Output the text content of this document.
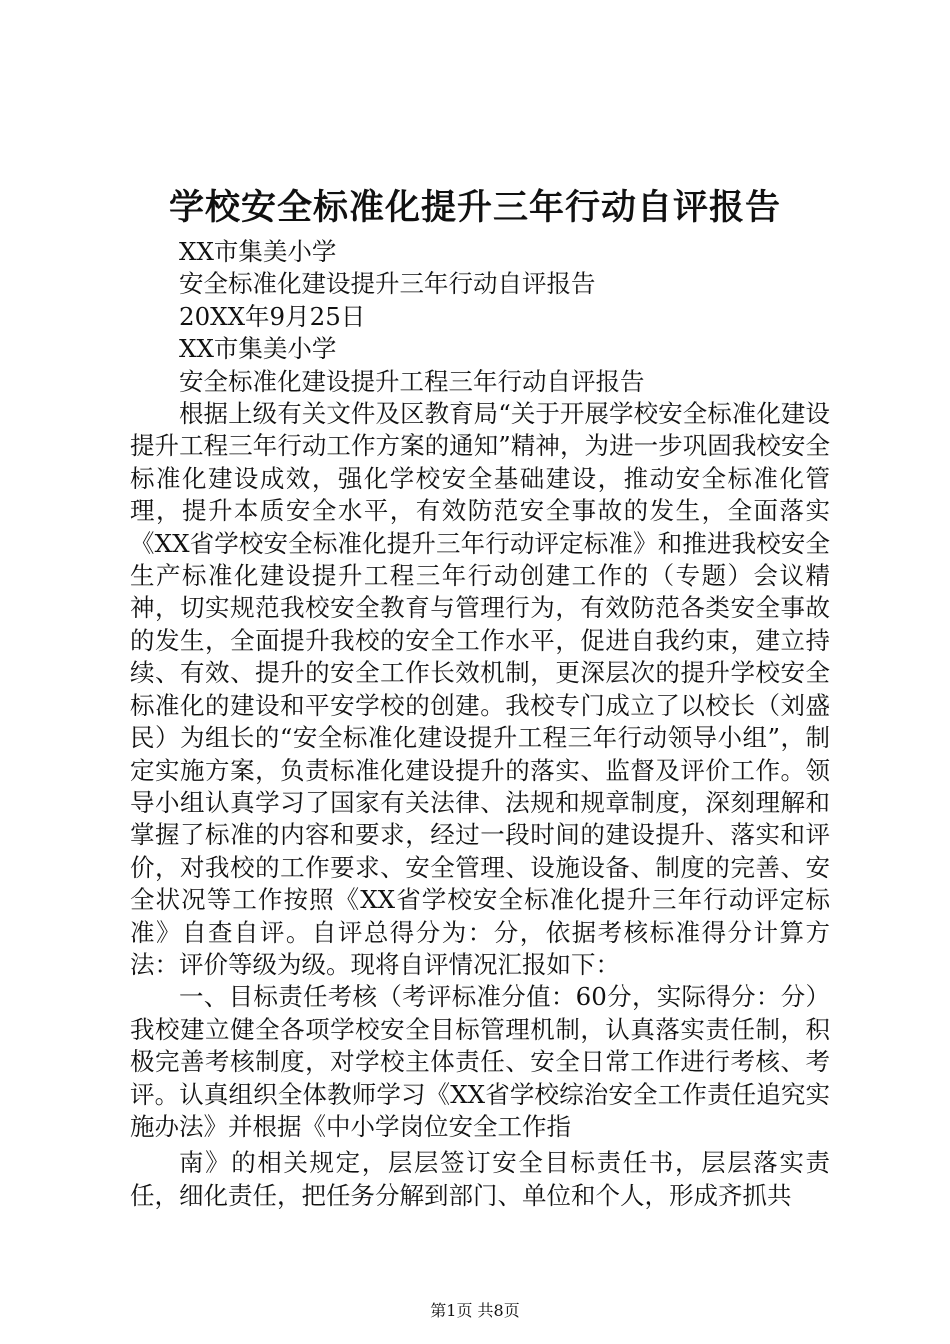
学校安全标准化提升三年行动自评报告

XX市集美小学

安全标准化建设提升三年行动自评报告

20XX年9月25日

XX市集美小学

安全标准化建设提升工程三年行动自评报告

根据上级有关文件及区教育局“关于开展学校安全标准化建设提升工程三年行动工作方案的通知”精神，为进一步巩固我校安全标准化建设成效，强化学校安全基础建设，推动安全标准化管理，提升本质安全水平，有效防范安全事故的发生，全面落实《XX省学校安全标准化提升三年行动评定标准》和推进我校安全生产标准化建设提升工程三年行动创建工作的（专题）会议精神，切实规范我校安全教育与管理行为，有效防范各类安全事故的发生，全面提升我校的安全工作水平，促进自我约束，建立持续、有效、提升的安全工作长效机制，更深层次的提升学校安全标准化的建设和平安学校的创建。我校专门成立了以校长（刘盛民）为组长的“安全标准化建设提升工程三年行动领导小组”，制定实施方案，负责标准化建设提升的落实、监督及评价工作。领导小组认真学习了国家有关法律、法规和规章制度，深刻理解和掌握了标准的内容和要求，经过一段时间的建设提升、落实和评价，对我校的工作要求、安全管理、设施设备、制度的完善、安全状况等工作按照《XX省学校安全标准化提升三年行动评定标准》自查自评。自评总得分为：分，依据考核标准得分计算方法：评价等级为级。现将自评情况汇报如下：

一、目标责任考核（考评标准分值：60分，实际得分：分）我校建立健全各项学校安全目标管理机制，认真落实责任制，积极完善考核制度，对学校主体责任、安全日常工作进行考核、考评。认真组织全体教师学习《XX省学校综治安全工作责任追究实施办法》并根据《中小学岗位安全工作指

南》的相关规定，层层签订安全目标责任书，层层落实责任，细化责任，把任务分解到部门、单位和个人，形成齐抓共

第1页 共8页
